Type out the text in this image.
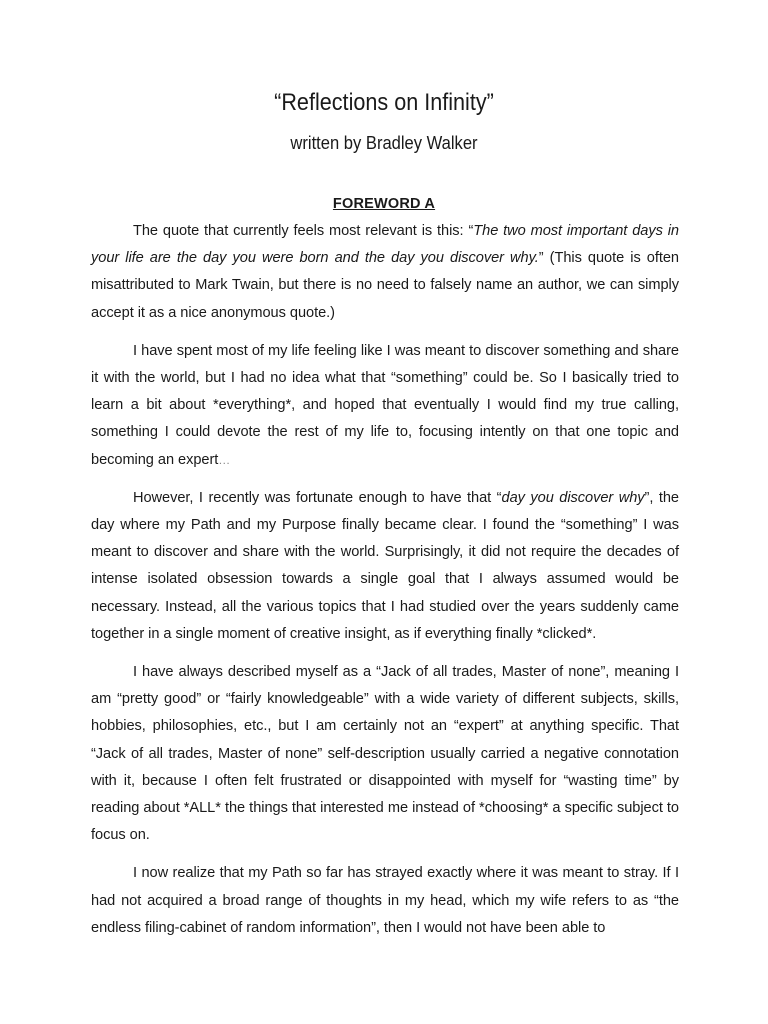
“Reflections on Infinity”
written by Bradley Walker
FOREWORD A

The quote that currently feels most relevant is this: “The two most important days in your life are the day you were born and the day you discover why.” (This quote is often misattributed to Mark Twain, but there is no need to falsely name an author, we can simply accept it as a nice anonymous quote.)

I have spent most of my life feeling like I was meant to discover something and share it with the world, but I had no idea what that “something” could be. So I basically tried to learn a bit about *everything*, and hoped that eventually I would find my true calling, something I could devote the rest of my life to, focusing intently on that one topic and becoming an expert…

However, I recently was fortunate enough to have that “day you discover why”, the day where my Path and my Purpose finally became clear. I found the “something” I was meant to discover and share with the world. Surprisingly, it did not require the decades of intense isolated obsession towards a single goal that I always assumed would be necessary. Instead, all the various topics that I had studied over the years suddenly came together in a single moment of creative insight, as if everything finally *clicked*.

I have always described myself as a “Jack of all trades, Master of none”, meaning I am “pretty good” or “fairly knowledgeable” with a wide variety of different subjects, skills, hobbies, philosophies, etc., but I am certainly not an “expert” at anything specific. That “Jack of all trades, Master of none” self-description usually carried a negative connotation with it, because I often felt frustrated or disappointed with myself for “wasting time” by reading about *ALL* the things that interested me instead of *choosing* a specific subject to focus on.

I now realize that my Path so far has strayed exactly where it was meant to stray. If I had not acquired a broad range of thoughts in my head, which my wife refers to as “the endless filing-cabinet of random information”, then I would not have been able to
